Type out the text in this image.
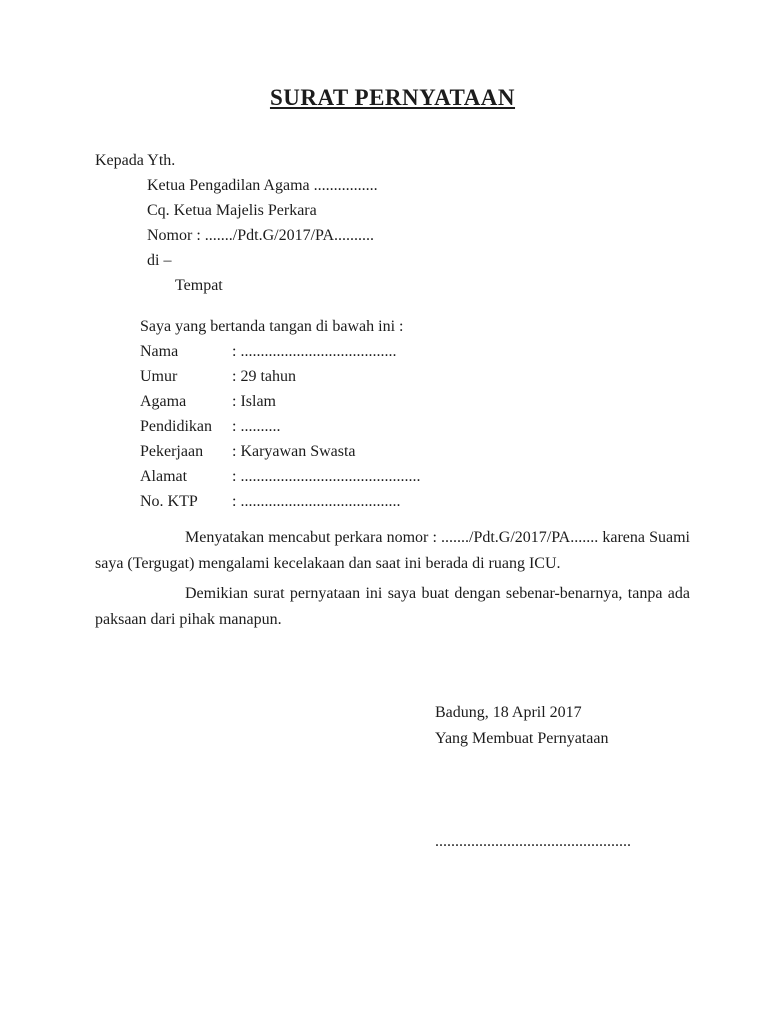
SURAT PERNYATAAN
Kepada Yth.
Ketua Pengadilan Agama ................
Cq. Ketua Majelis Perkara
Nomor : ......./Pdt.G/2017/PA..........
di –
Tempat
Saya yang bertanda tangan di bawah ini :
Nama	: .......................................
Umur	: 29 tahun
Agama	: Islam
Pendidikan	: ..........
Pekerjaan	: Karyawan Swasta
Alamat	: .............................................
No. KTP	: ........................................

Menyatakan mencabut perkara nomor : ......./Pdt.G/2017/PA....... karena Suami saya (Tergugat) mengalami kecelakaan dan saat ini berada di ruang ICU.

Demikian surat pernyataan ini saya buat dengan sebenar-benarnya, tanpa ada paksaan dari pihak manapun.

Badung, 18 April 2017
Yang Membuat Pernyataan
.................................................
